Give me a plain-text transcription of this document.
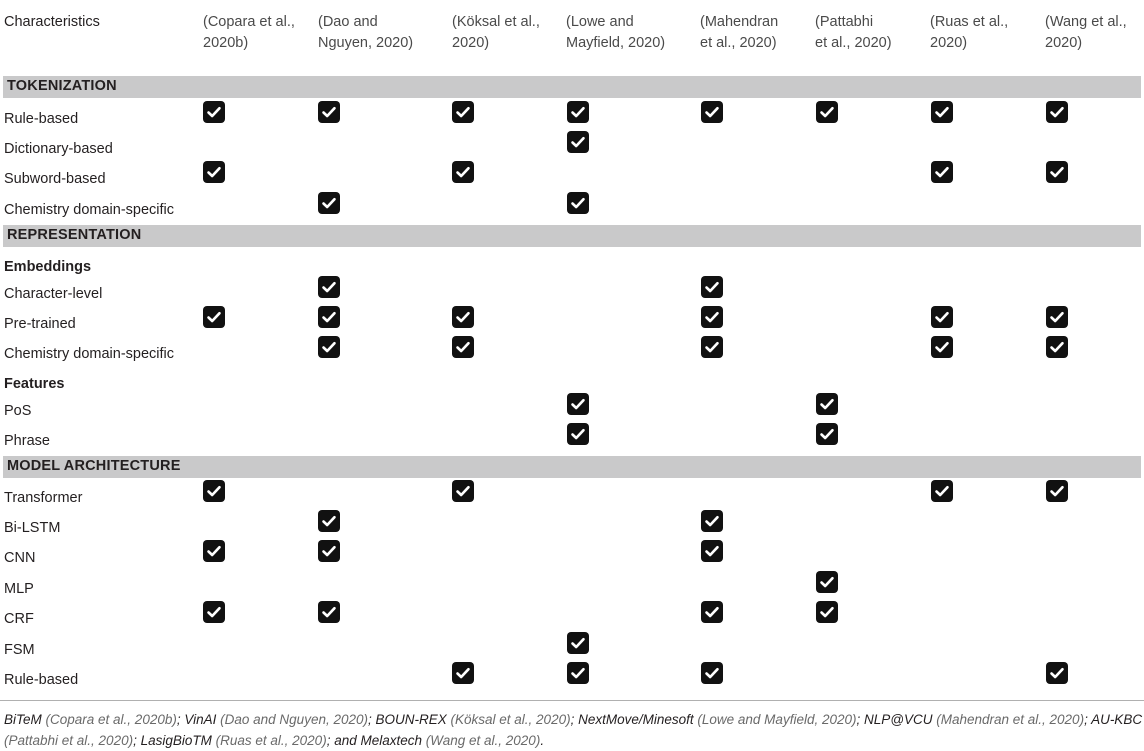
Characteristics	(Copara et al.,
2020b)
(Dao and
Nguyen, 2020)
(Köksal et al.,
2020)
(Lowe and
Mayfield, 2020)
(Mahendran
et al., 2020)
(Pattabhi
et al., 2020)
(Ruas et al.,
2020)
(Wang et al.,
2020)
TOKENIZATION
Rule-based
Dictionary-based
Subword-based
Chemistry domain-specific
REPRESENTATION
Embeddings
Character-level
Pre-trained
Chemistry domain-specific
Features
PoS
Phrase
MODEL ARCHITECTURE
Transformer
Bi-LSTM
CNN
MLP
CRF
FSM
Rule-based
BiTeM (Copara et al., 2020b); VinAI (Dao and Nguyen, 2020); BOUN-REX (Köksal et al., 2020); NextMove/Minesoft (Lowe and Mayfield, 2020); NLP@VCU (Mahendran et al., 2020); AU-KBC (Pattabhi et al., 2020); LasigBioTM (Ruas et al., 2020); and Melaxtech (Wang et al., 2020).
